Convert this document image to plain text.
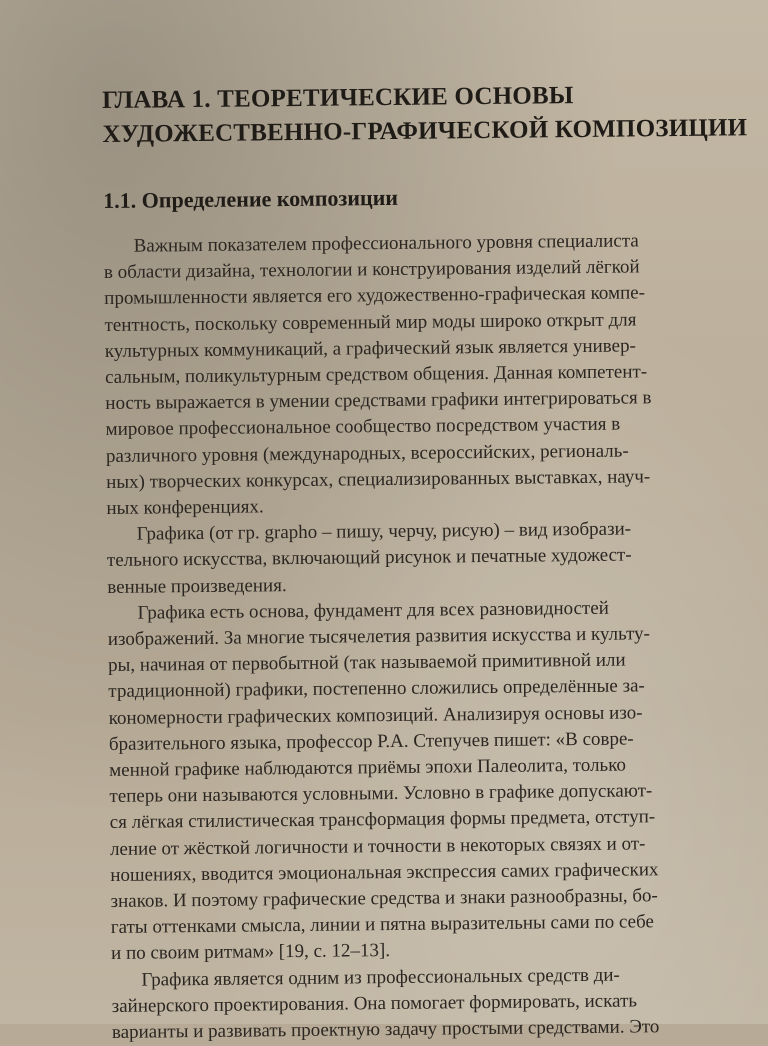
ГЛАВА 1. ТЕОРЕТИЧЕСКИЕ ОСНОВЫ
ХУДОЖЕСТВЕННО-ГРАФИЧЕСКОЙ КОМПОЗИЦИИ
1.1. Определение композиции
Важным показателем профессионального уровня специалиста
в области дизайна, технологии и конструирования изделий лёгкой
промышленности является его художественно-графическая компе-
тентность, поскольку современный мир моды широко открыт для
культурных коммуникаций, а графический язык является универ-
сальным, поликультурным средством общения. Данная компетент-
ность выражается в умении средствами графики интегрироваться в
мировое профессиональное сообщество посредством участия в
различного уровня (международных, всероссийских, региональ-
ных) творческих конкурсах, специализированных выставках, науч-
ных конференциях.
Графика (от гр. grapho – пишу, черчу, рисую) – вид изобрази-
тельного искусства, включающий рисунок и печатные художест-
венные произведения.
Графика есть основа, фундамент для всех разновидностей
изображений. За многие тысячелетия развития искусства и культу-
ры, начиная от первобытной (так называемой примитивной или
традиционной) графики, постепенно сложились определённые за-
кономерности графических композиций. Анализируя основы изо-
бразительного языка, профессор Р.А. Степучев пишет: «В совре-
менной графике наблюдаются приёмы эпохи Палеолита, только
теперь они называются условными. Условно в графике допускают-
ся лёгкая стилистическая трансформация формы предмета, отступ-
ление от жёсткой логичности и точности в некоторых связях и от-
ношениях, вводится эмоциональная экспрессия самих графических
знаков. И поэтому графические средства и знаки разнообразны, бо-
гаты оттенками смысла, линии и пятна выразительны сами по себе
и по своим ритмам» [19, с. 12–13].
Графика является одним из профессиональных средств ди-
зайнерского проектирования. Она помогает формировать, искать
варианты и развивать проектную задачу простыми средствами. Это
